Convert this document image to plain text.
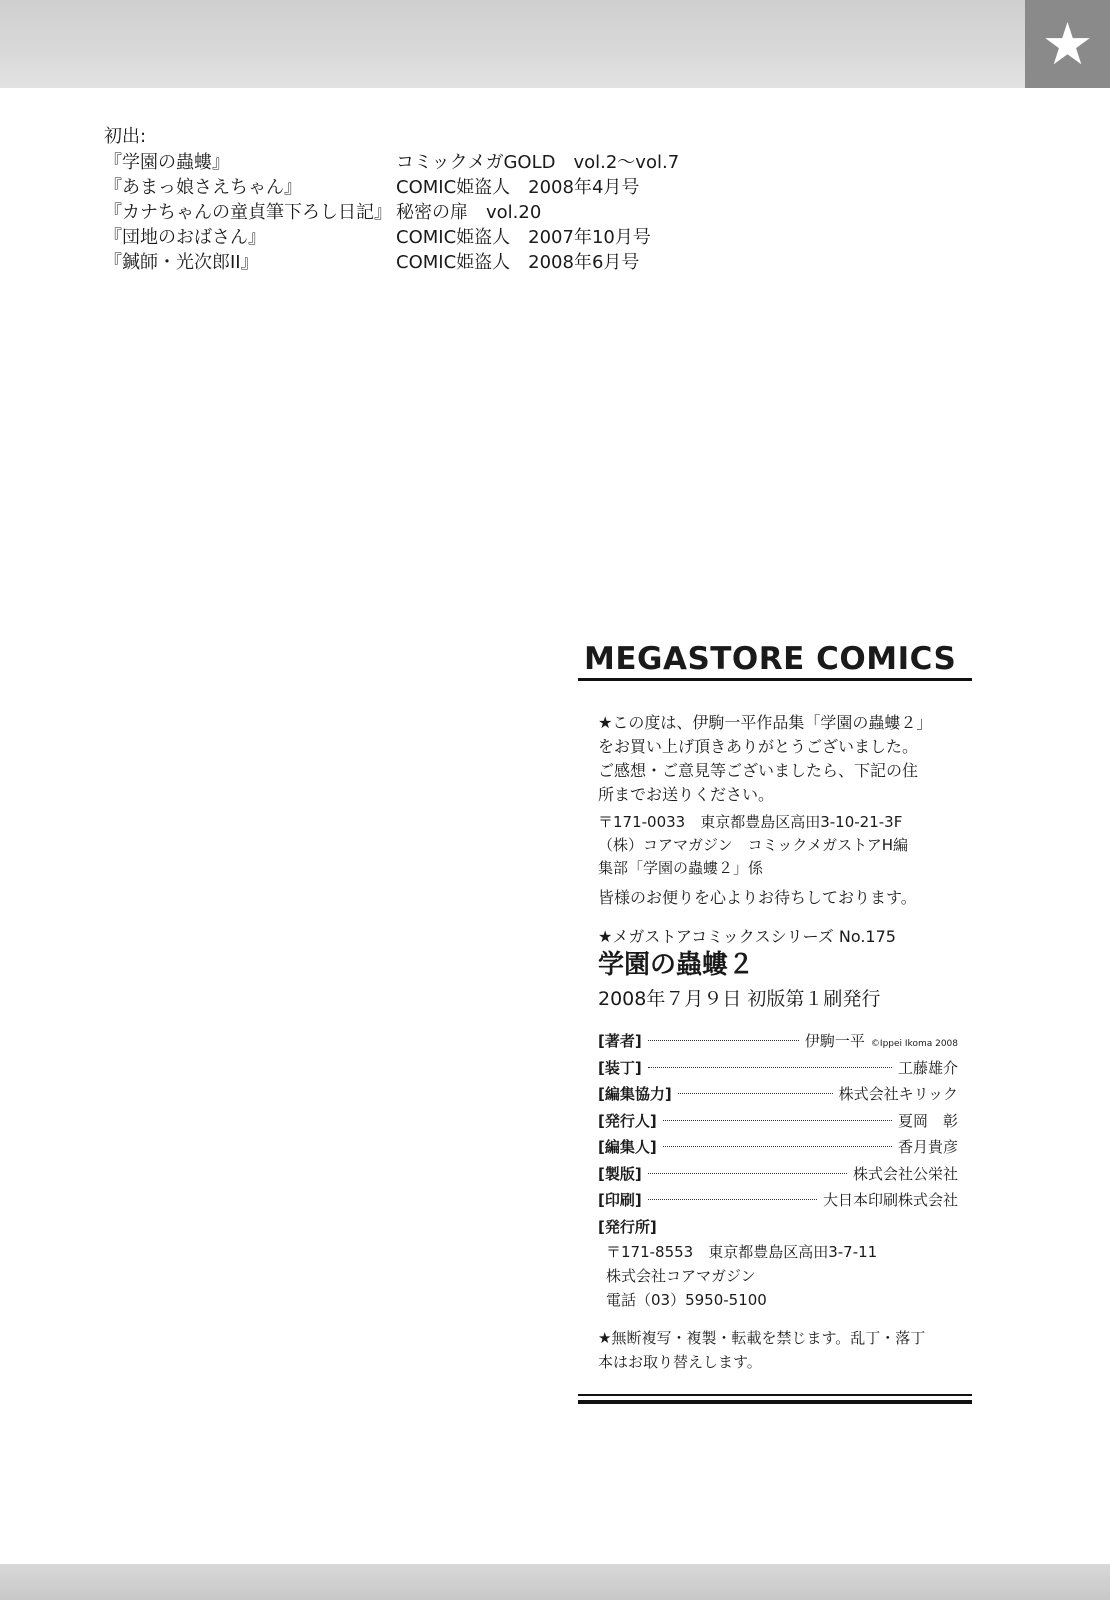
★
初出:
『学園の蟲螻』	コミックメガGOLD　vol.2～vol.7
『あまっ娘さえちゃん』	COMIC姫盗人　2008年4月号
『カナちゃんの童貞筆下ろし日記』 秘密の扉　vol.20
『団地のおばさん』	COMIC姫盗人　2007年10月号
『鍼師・光次郎II』	COMIC姫盗人　2008年6月号
MEGASTORE COMICS
★この度は、伊駒一平作品集「学園の蟲螻２」
をお買い上げ頂きありがとうございました。
ご感想・ご意見等ございましたら、下記の住
所までお送りください。
〒171-0033　東京都豊島区高田3-10-21-3F
（株）コアマガジン　コミックメガストアH編
集部「学園の蟲螻２」係
皆様のお便りを心よりお待ちしております。
★メガストアコミックスシリーズ No.175
学園の蟲螻２
2008年７月９日 初版第１刷発行
[著者]	伊駒一平 ©Ippei Ikoma 2008
[装丁]	工藤雄介
[編集協力]	株式会社キリック
[発行人]	夏岡　彰
[編集人]	香月貴彦
[製版]	株式会社公栄社
[印刷]	大日本印刷株式会社
[発行所]
〒171-8553　東京都豊島区高田3-7-11
株式会社コアマガジン
電話（03）5950-5100
★無断複写・複製・転載を禁じます。乱丁・落丁
本はお取り替えします。
